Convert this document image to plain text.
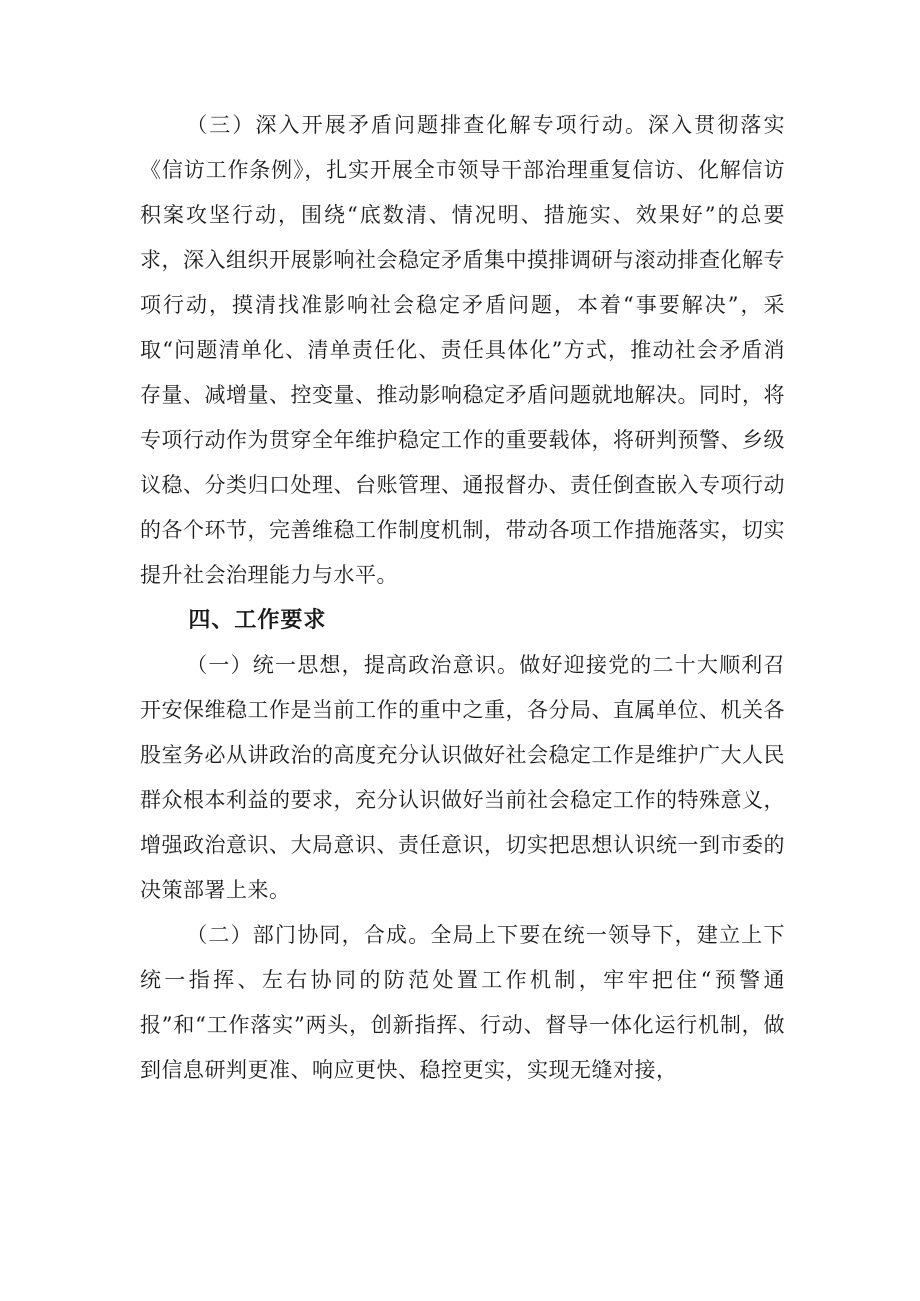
（三）深入开展矛盾问题排查化解专项行动。深入贯彻落实《信访工作条例》，扎实开展全市领导干部治理重复信访、化解信访积案攻坚行动，围绕“底数清、情况明、措施实、效果好”的总要求，深入组织开展影响社会稳定矛盾集中摸排调研与滚动排查化解专项行动，摸清找准影响社会稳定矛盾问题，本着“事要解决”，采取“问题清单化、清单责任化、责任具体化”方式，推动社会矛盾消存量、减增量、控变量、推动影响稳定矛盾问题就地解决。同时，将专项行动作为贯穿全年维护稳定工作的重要载体，将研判预警、乡级议稳、分类归口处理、台账管理、通报督办、责任倒查嵌入专项行动的各个环节，完善维稳工作制度机制，带动各项工作措施落实，切实提升社会治理能力与水平。

四、工作要求

（一）统一思想，提高政治意识。做好迎接党的二十大顺利召开安保维稳工作是当前工作的重中之重，各分局、直属单位、机关各股室务必从讲政治的高度充分认识做好社会稳定工作是维护广大人民群众根本利益的要求，充分认识做好当前社会稳定工作的特殊意义，增强政治意识、大局意识、责任意识，切实把思想认识统一到市委的决策部署上来。

（二）部门协同，合成。全局上下要在统一领导下，建立上下统一指挥、左右协同的防范处置工作机制，牢牢把住“预警通报”和“工作落实”两头，创新指挥、行动、督导一体化运行机制，做到信息研判更准、响应更快、稳控更实，实现无缝对接，
